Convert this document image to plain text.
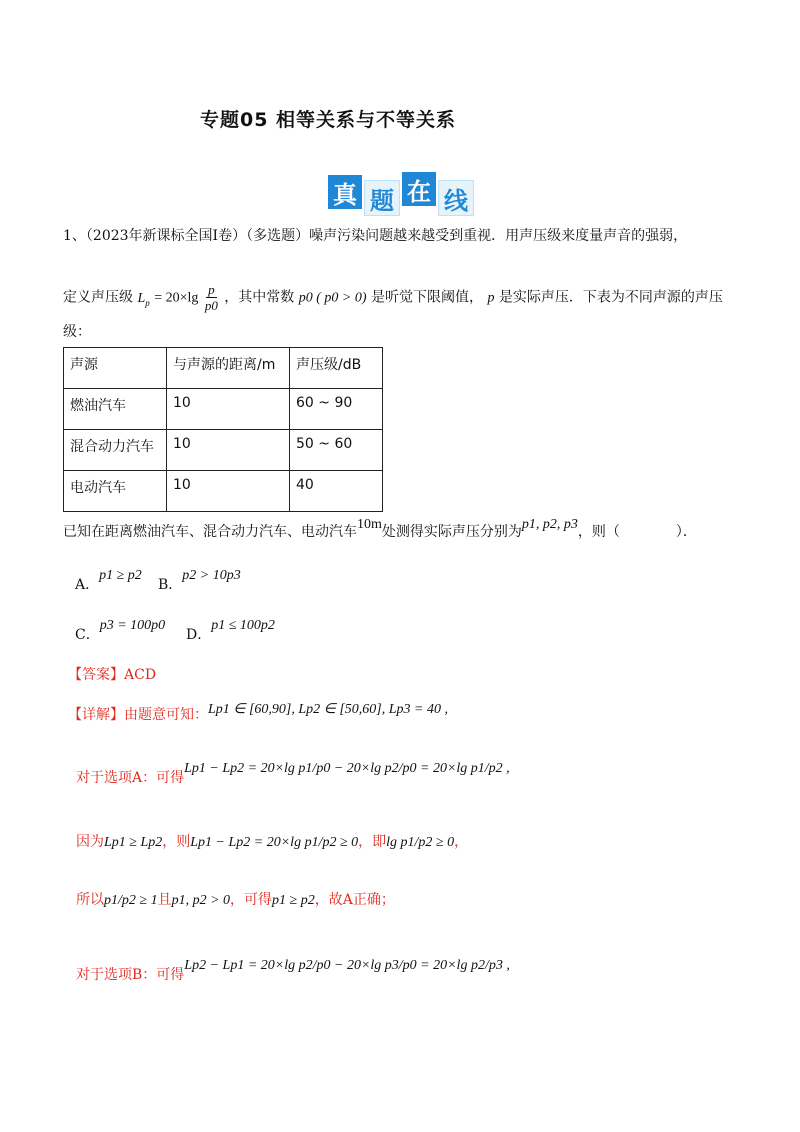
专题05 相等关系与不等关系
真 题 在 线
1、（2023年新课标全国Ⅰ卷）（多选题）噪声污染问题越来越受到重视．用声压级来度量声音的强弱，
定义声压级 $L_p = 20\times\lg \frac{p}{p0}$ ，其中常数 p0 ( p0 > 0) 是听觉下限阈值， p 是实际声压．下表为不同声源的声压
级：
声源	与声源的距离/m	声压级/dB
燃油汽车	10	60 ~ 90
混合动力汽车	10	50 ~ 60
电动汽车	10	40
已知在距离燃油汽车、混合动力汽车、电动汽车10m处测得实际声压分别为p1, p2, p3，则（　　　　）．
A．p1 ≥ p2
B．p2 > 10p3
C．p3 = 100p0
D．p1 ≤ 100p2
【答案】ACD
【详解】由题意可知：Lp1 ∈ [60,90], Lp2 ∈ [50,60], Lp3 = 40 ,
对于选项A：可得Lp1 − Lp2 = 20×lg p1/p0 − 20×lg p2/p0 = 20×lg p1/p2 ,
因为Lp1 ≥ Lp2，则Lp1 − Lp2 = 20×lg p1/p2 ≥ 0，即lg p1/p2 ≥ 0，
所以p1/p2 ≥ 1且p1, p2 > 0，可得p1 ≥ p2，故A正确；
对于选项B：可得Lp2 − Lp1 = 20×lg p2/p0 − 20×lg p3/p0 = 20×lg p2/p3 ,
